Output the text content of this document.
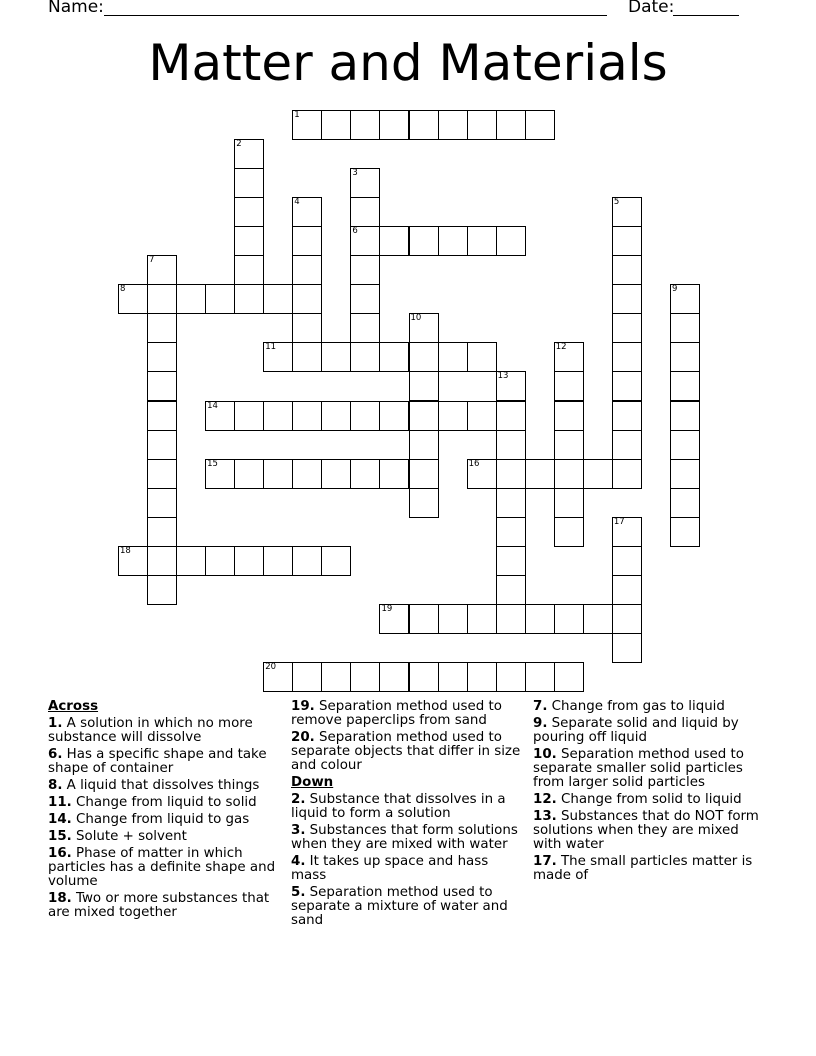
Name:	Date:
Matter and Materials
1
2
3
6
4	5
7
8	9
10
11	12
13
14
15	16
17
18
19
20
Across
1. A solution in which no more substance will dissolve
6. Has a specific shape and take shape of container
8. A liquid that dissolves things
11. Change from liquid to solid
14. Change from liquid to gas
15. Solute + solvent
16. Phase of matter in which particles has a definite shape and volume
18. Two or more substances that are mixed together
19. Separation method used to remove paperclips from sand
20. Separation method used to separate objects that differ in size and colour
Down
2. Substance that dissolves in a liquid to form a solution
3. Substances that form solutions when they are mixed with water
4. It takes up space and hass mass
5. Separation method used to separate a mixture of water and sand
7. Change from gas to liquid
9. Separate solid and liquid by pouring off liquid
10. Separation method used to separate smaller solid particles from larger solid particles
12. Change from solid to liquid
13. Substances that do NOT form solutions when they are mixed with water
17. The small particles matter is made of
